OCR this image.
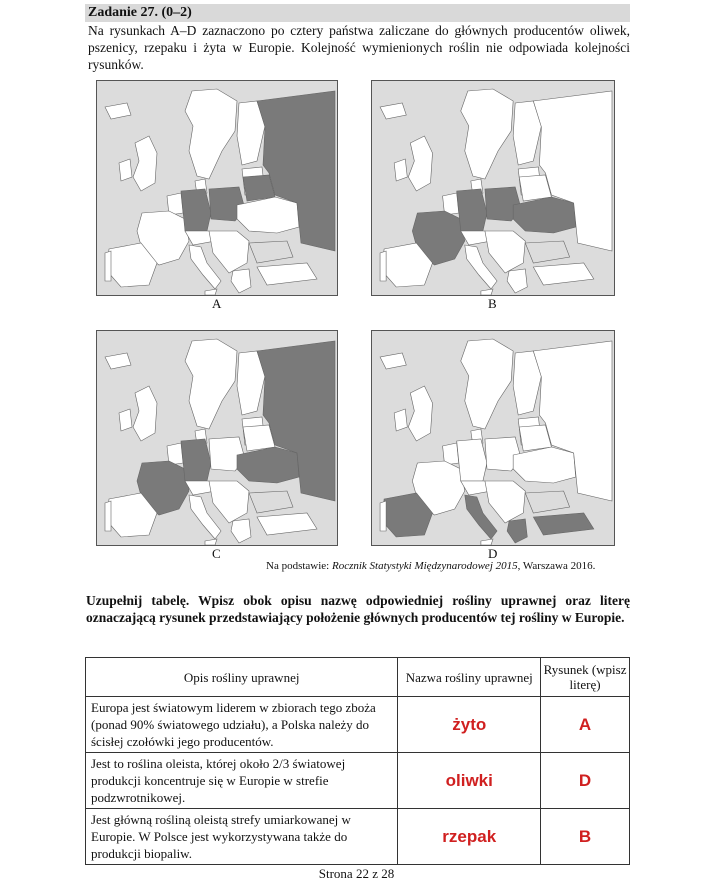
Zadanie 27. (0–2)
Na rysunkach A–D zaznaczono po cztery państwa zaliczane do głównych producentów oliwek, pszenicy, rzepaku i żyta w Europie. Kolejność wymienionych roślin nie odpowiada kolejności rysunków.
A	B
C	D
Na podstawie: Rocznik Statystyki Międzynarodowej 2015, Warszawa 2016.
Uzupełnij tabelę. Wpisz obok opisu nazwę odpowiedniej rośliny uprawnej oraz literę oznaczającą rysunek przedstawiający położenie głównych producentów tej rośliny w Europie.
Opis rośliny uprawnej	Nazwa rośliny uprawnej	Rysunek (wpisz literę)
Europa jest światowym liderem w zbiorach tego zboża (ponad 90% światowego udziału), a Polska należy do ścisłej czołówki jego producentów.	żyto	A
Jest to roślina oleista, której około 2/3 światowej produkcji koncentruje się w Europie w strefie podzwrotnikowej.	oliwki	D
Jest główną rośliną oleistą strefy umiarkowanej w Europie. W Polsce jest wykorzystywana także do produkcji biopaliw.	rzepak	B
Strona 22 z 28
